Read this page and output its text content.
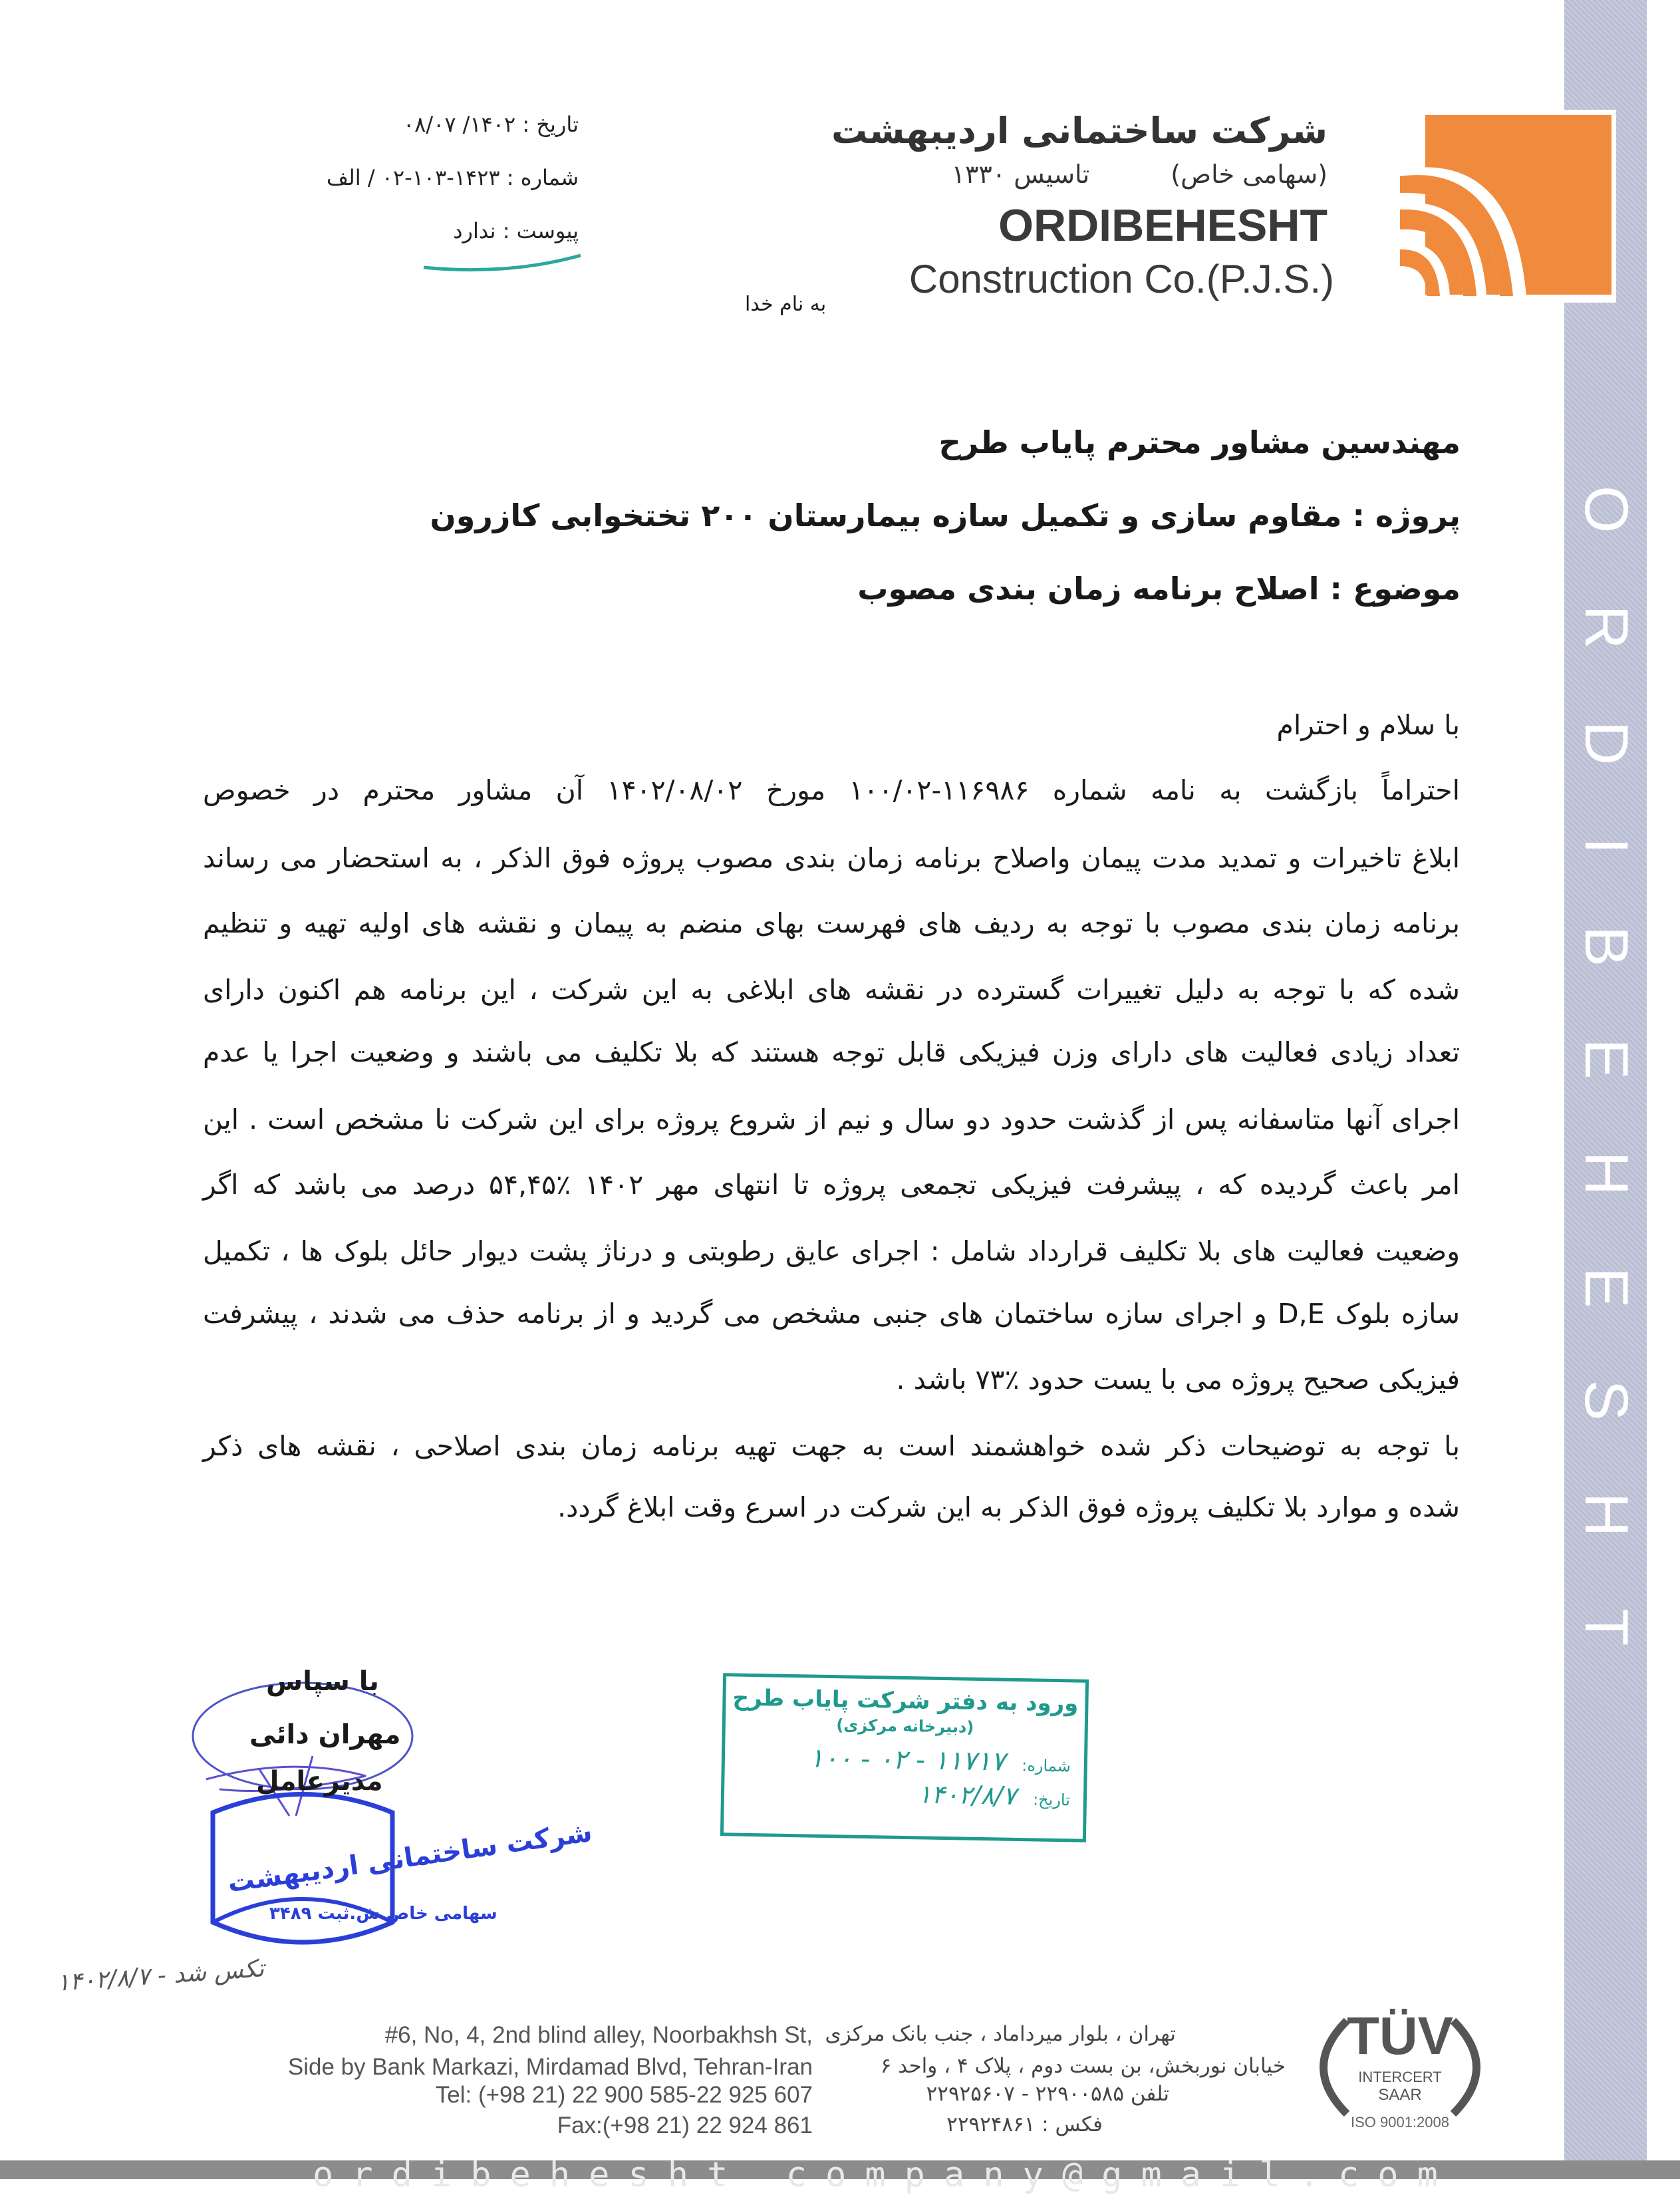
ORDIBEHESHT
شرکت ساختمانی اردیبهشت
(سهامی خاص) تاسیس ۱۳۳۰
ORDIBEHESHT
Construction Co.(P.J.S.)
به نام خدا
تاریخ : ۱۴۰۲/ ۰۸/۰۷
شماره : ۱۴۲۳-۱۰۳-۰۲ / الف
پیوست : ندارد
مهندسین مشاور محترم پایاب طرح
پروژه : مقاوم سازی و تکمیل سازه بیمارستان ۲۰۰ تختخوابی کازرون
موضوع : اصلاح برنامه زمان بندی مصوب
با سلام و احترام
احتراماً بازگشت به نامه شماره ۱۱۶۹۸۶-۱۰۰/۰۲ مورخ ۱۴۰۲/۰۸/۰۲ آن مشاور محترم در خصوص
ابلاغ تاخیرات و تمدید مدت پیمان واصلاح برنامه زمان بندی مصوب پروژه فوق الذکر ، به استحضار می رساند
برنامه زمان بندی مصوب با توجه به ردیف های فهرست بهای منضم به پیمان و نقشه های اولیه تهیه و تنظیم
شده که با توجه به دلیل تغییرات گسترده در نقشه های ابلاغی به این شرکت ، این برنامه هم اکنون دارای
تعداد زیادی فعالیت های دارای وزن فیزیکی قابل توجه هستند که بلا تکلیف می باشند و وضعیت اجرا یا عدم
اجرای آنها متاسفانه پس از گذشت حدود دو سال و نیم از شروع پروژه برای این شرکت نا مشخص است . این
امر باعث گردیده که ، پیشرفت فیزیکی تجمعی پروژه تا انتهای مهر ۱۴۰۲ ٪۵۴,۴۵ درصد می باشد که اگر
وضعیت فعالیت های بلا تکلیف قرارداد شامل : اجرای عایق رطوبتی و درناژ پشت دیوار حائل بلوک ها ، تکمیل
سازه بلوک D,E و اجرای سازه ساختمان های جنبی مشخص می گردید و از برنامه حذف می شدند ، پیشرفت
فیزیکی صحیح پروژه می با یست حدود ٪۷۳ باشد .
با توجه به توضیحات ذکر شده خواهشمند است به جهت تهیه برنامه زمان بندی اصلاحی ، نقشه های ذکر
شده و موارد بلا تکلیف پروژه فوق الذکر به این شرکت در اسرع وقت ابلاغ گردد.
با سپاس
مهران دائی
مدیرعامل
شرکت ساختمانی اردیبهشت
سهامی خاص ش.ثبت ۳۴۸۹
ورود به دفتر شرکت پایاب طرح
(دبیرخانه مرکزی)
شماره: ۱۱۷۱۷ - ۰۲ - ۱۰۰
تاریخ: ۱۴۰۲/۸/۷
تکس شد - ۱۴۰۲/۸/۷
#6, No, 4, 2nd blind alley, Noorbakhsh St,
Side by Bank Markazi, Mirdamad Blvd, Tehran-Iran
Tel: (+98 21) 22 900 585-22 925 607
Fax:(+98 21) 22 924 861
تهران ، بلوار میرداماد ، جنب بانک مرکزی
خیابان نوربخش، بن بست دوم ، پلاک ۴ ، واحد ۶
تلفن ۲۲۹۰۰۵۸۵ - ۲۲۹۲۵۶۰۷
فکس : ۲۲۹۲۴۸۶۱
TÜV
INTERCERT
SAAR
ISO 9001:2008
ordibehesht company@gmail.com
